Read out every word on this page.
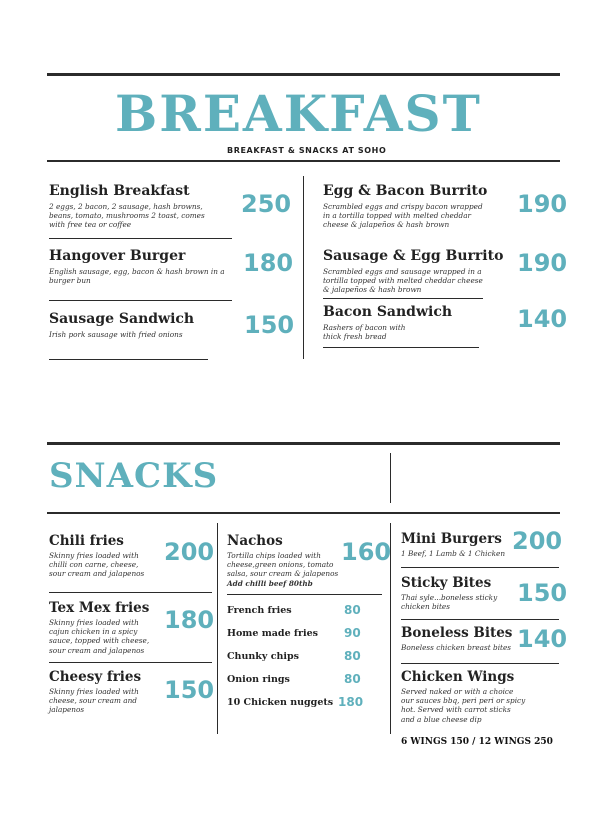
BREAKFAST
BREAKFAST & SNACKS AT SOHO
English Breakfast
2 eggs, 2 bacon, 2 sausage, hash browns, beans, tomato, mushrooms 2 toast, comes with free tea or coffee
250
Hangover Burger
English sausage, egg, bacon & hash brown in a burger bun
180
Sausage Sandwich
Irish pork sausage with fried onions	150
Egg & Bacon Burrito
Scrambled eggs and crispy bacon wrapped in a tortilla topped with melted cheddar cheese & jalapeños & hash brown
190
Sausage & Egg Burrito
Scrambled eggs and sausage wrapped in a tortilla topped with melted cheddar cheese & jalapeños & hash brown
190
Bacon Sandwich
Rashers of bacon with thick fresh bread
140
SNACKS
Chili fries
Skinny fries loaded with chilli con carne, cheese, sour cream and jalapenos
200
Tex Mex fries
Skinny fries loaded with cajun chicken in a spicy sauce, topped with cheese, sour cream and jalapenos
180
Cheesy fries
Skinny fries loaded with cheese, sour cream and jalapenos
150
Nachos
Tortilla chips loaded with cheese,green onions, tomato salsa, sour cream & jalapenos
Add chilli beef 80thb
160
French fries	80
Home made fries 90
Chunky chips	80
Onion rings	80
10 Chicken nuggets 180
Mini Burgers
1 Beef, 1 Lamb & 1 Chicken 200
Sticky Bites
Thai syle...boneless sticky chicken bites	150
Boneless Bites
Boneless chicken breast bites 140
Chicken Wings
Served naked or with a choice our sauces bbq, peri peri or spicy hot. Served with carrot sticks and a blue cheese dip
6 WINGS 150 / 12 WINGS 250
